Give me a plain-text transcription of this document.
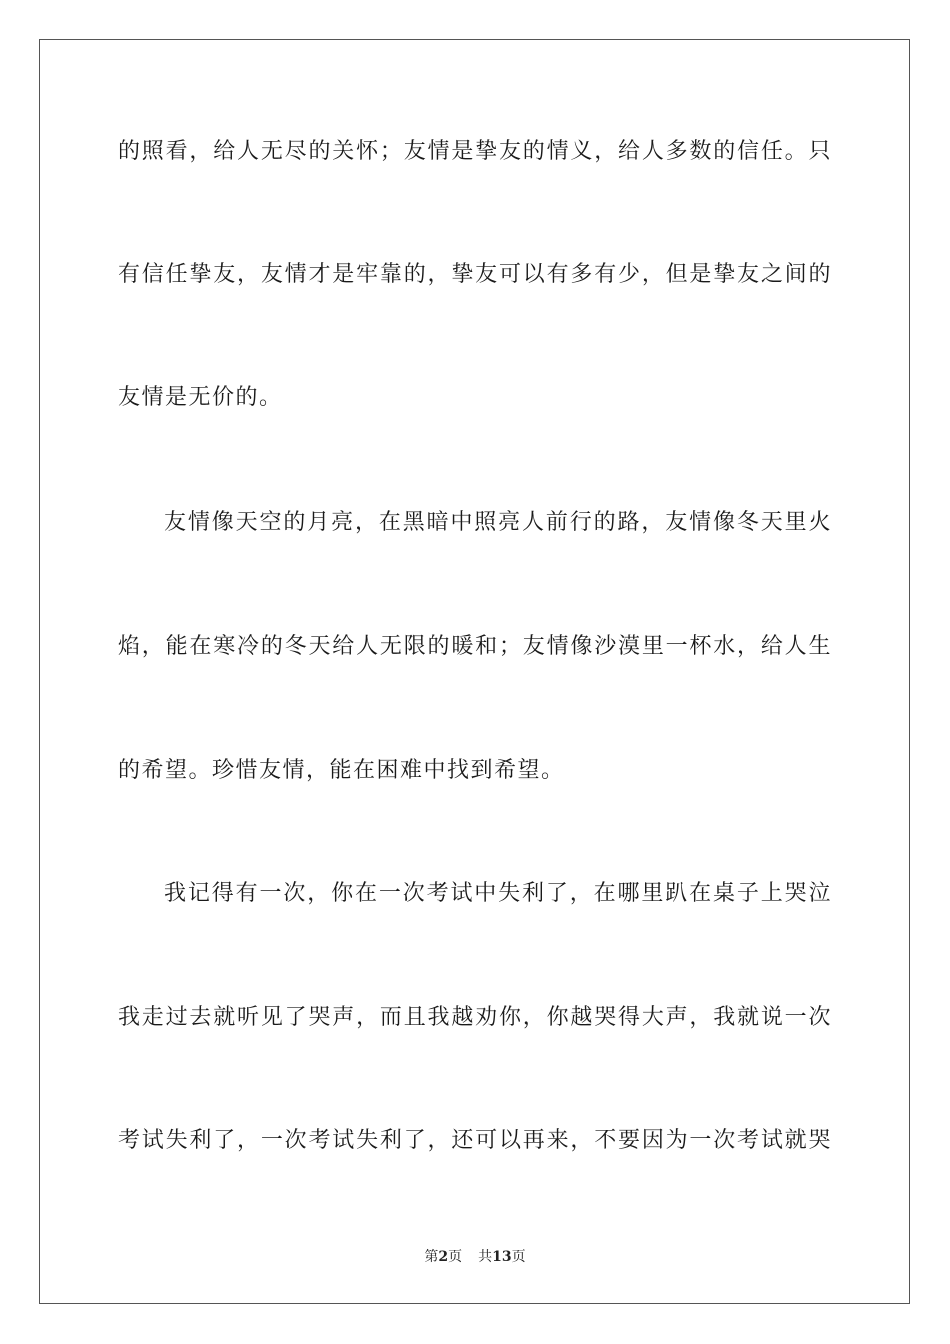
的照看，给人无尽的关怀；友情是挚友的情义，给人多数的信任。只
有信任挚友，友情才是牢靠的，挚友可以有多有少，但是挚友之间的
友情是无价的。
友情像天空的月亮，在黑暗中照亮人前行的路，友情像冬天里火
焰，能在寒冷的冬天给人无限的暖和；友情像沙漠里一杯水，给人生
的希望。珍惜友情，能在困难中找到希望。
我记得有一次，你在一次考试中失利了，在哪里趴在桌子上哭泣
我走过去就听见了哭声，而且我越劝你，你越哭得大声，我就说一次
考试失利了，一次考试失利了，还可以再来，不要因为一次考试就哭
第2页 共13页
